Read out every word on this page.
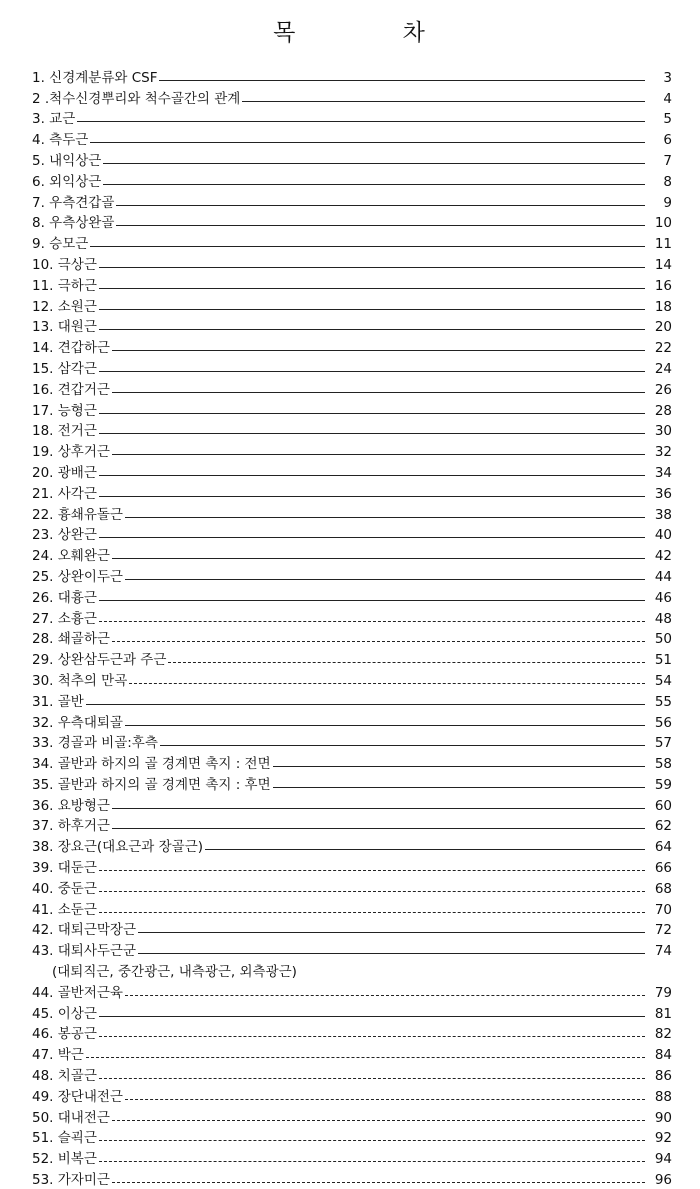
목	차
1. 신경계분류와 CSF	3
2 .척수신경뿌리와 척수골간의 관계	4
3. 교근	5
4. 측두근	6
5. 내익상근	7
6. 외익상근	8
7. 우측견갑골	9
8. 우측상완골	10
9. 승모근	11
10. 극상근	14
11. 극하근	16
12. 소원근	18
13. 대원근	20
14. 견갑하근	22
15. 삼각근	24
16. 견갑거근	26
17. 능형근	28
18. 전거근	30
19. 상후거근	32
20. 광배근	34
21. 사각근	36
22. 흉쇄유돌근	38
23. 상완근	40
24. 오훼완근	42
25. 상완이두근	44
26. 대흉근	46
27. 소흉근	48
28. 쇄골하근	50
29. 상완삼두근과 주근	51
30. 척추의 만곡	54
31. 골반	55
32. 우측대퇴골	56
33. 경골과 비골:후측	57
34. 골반과 하지의 골 경계면 촉지 : 전면	58
35. 골반과 하지의 골 경계면 촉지 : 후면	59
36. 요방형근	60
37. 하후거근	62
38. 장요근(대요근과 장골근)	64
39. 대둔근	66
40. 중둔근	68
41. 소둔근	70
42. 대퇴근막장근	72
43. 대퇴사두근군	74
(대퇴직근, 중간광근, 내측광근, 외측광근)
44. 골반저근육	79
45. 이상근	81
46. 봉공근	82
47. 박근	84
48. 치골근	86
49. 장단내전근	88
50. 대내전근	90
51. 슬괵근	92
52. 비복근	94
53. 가자미근	96
